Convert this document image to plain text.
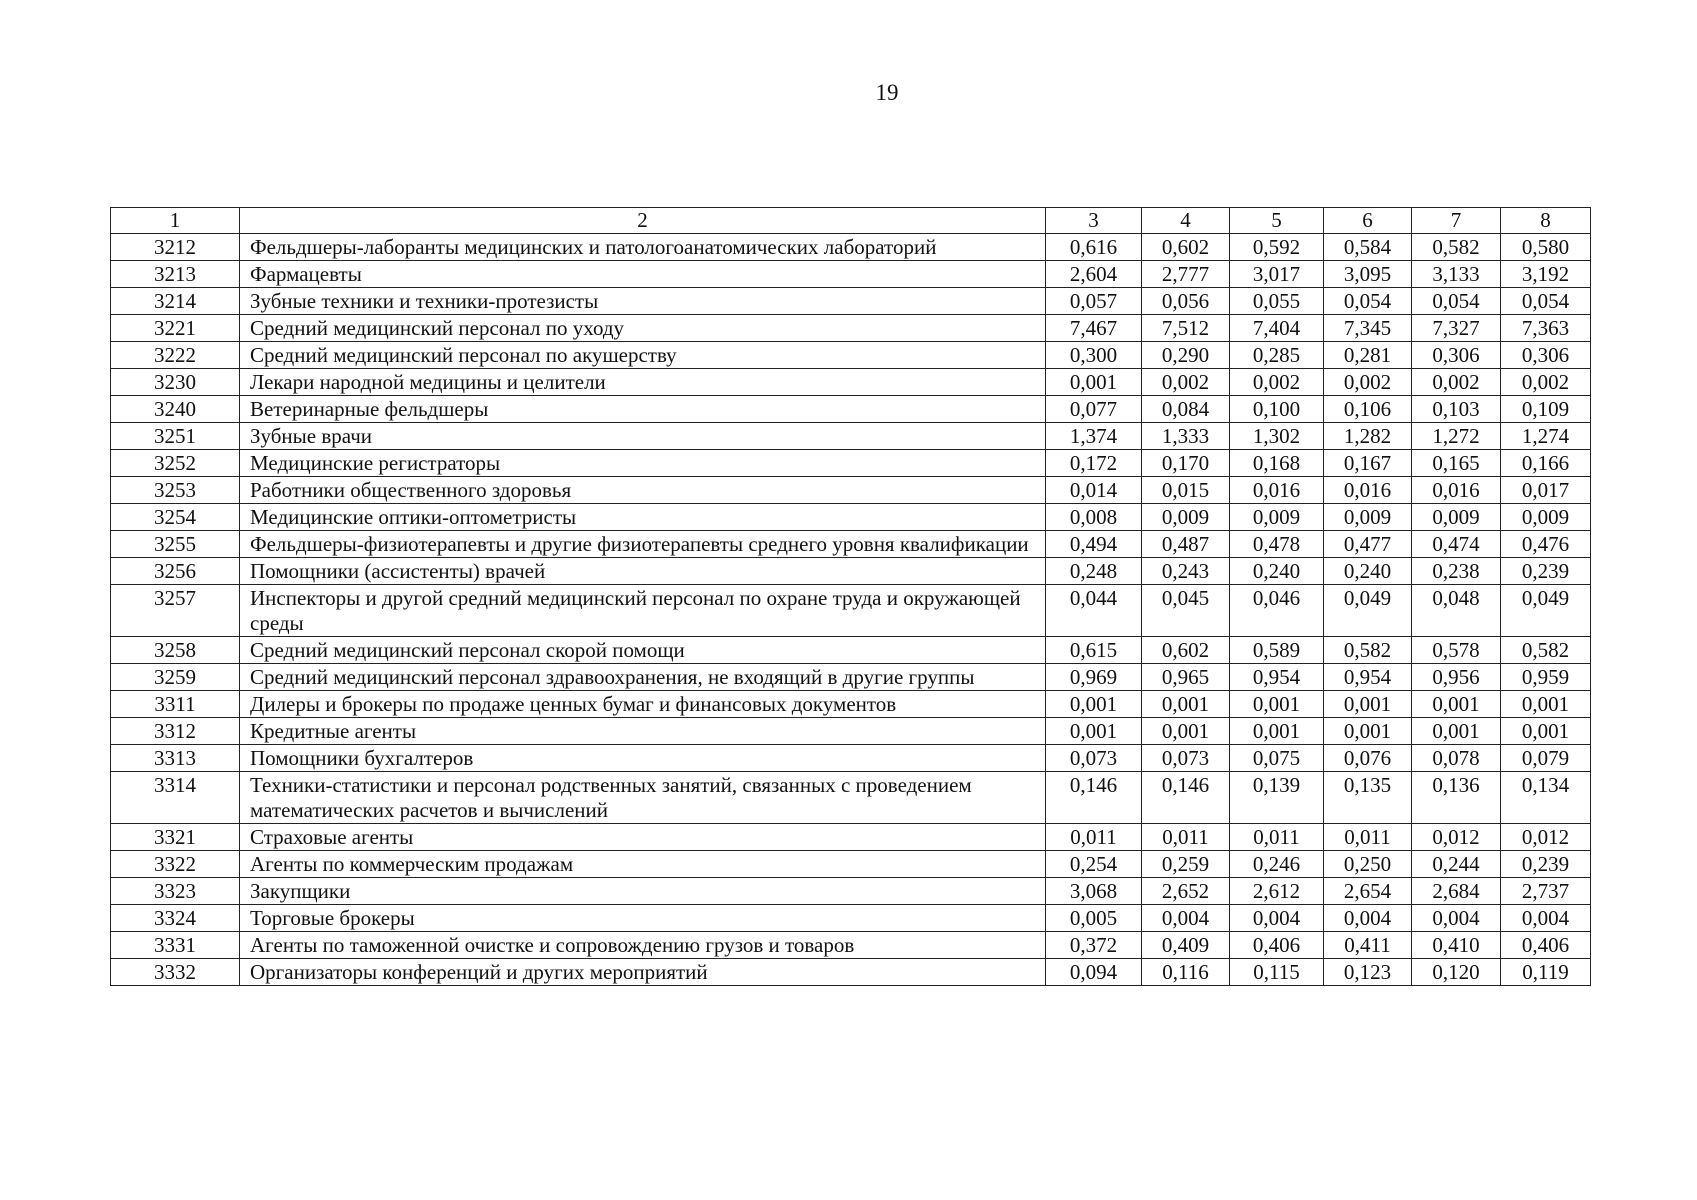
19
1	2	3	4	5	6	7	8
3212	Фельдшеры-лаборанты медицинских и патологоанатомических лабораторий	0,616	0,602	0,592	0,584	0,582	0,580
3213	Фармацевты	2,604	2,777	3,017	3,095	3,133	3,192
3214	Зубные техники и техники-протезисты	0,057	0,056	0,055	0,054	0,054	0,054
3221	Средний медицинский персонал по уходу	7,467	7,512	7,404	7,345	7,327	7,363
3222	Средний медицинский персонал по акушерству	0,300	0,290	0,285	0,281	0,306	0,306
3230	Лекари народной медицины и целители	0,001	0,002	0,002	0,002	0,002	0,002
3240	Ветеринарные фельдшеры	0,077	0,084	0,100	0,106	0,103	0,109
3251	Зубные врачи	1,374	1,333	1,302	1,282	1,272	1,274
3252	Медицинские регистраторы	0,172	0,170	0,168	0,167	0,165	0,166
3253	Работники общественного здоровья	0,014	0,015	0,016	0,016	0,016	0,017
3254	Медицинские оптики-оптометристы	0,008	0,009	0,009	0,009	0,009	0,009
3255	Фельдшеры-физиотерапевты и другие физиотерапевты среднего уровня квалификации	0,494	0,487	0,478	0,477	0,474	0,476
3256	Помощники (ассистенты) врачей	0,248	0,243	0,240	0,240	0,238	0,239
3257	Инспекторы и другой средний медицинский персонал по охране труда и окружающей среды	0,044	0,045	0,046	0,049	0,048	0,049
3258	Средний медицинский персонал скорой помощи	0,615	0,602	0,589	0,582	0,578	0,582
3259	Средний медицинский персонал здравоохранения, не входящий в другие группы	0,969	0,965	0,954	0,954	0,956	0,959
3311	Дилеры и брокеры по продаже ценных бумаг и финансовых документов	0,001	0,001	0,001	0,001	0,001	0,001
3312	Кредитные агенты	0,001	0,001	0,001	0,001	0,001	0,001
3313	Помощники бухгалтеров	0,073	0,073	0,075	0,076	0,078	0,079
3314	Техники-статистики и персонал родственных занятий, связанных с проведением математических расчетов и вычислений	0,146	0,146	0,139	0,135	0,136	0,134
3321	Страховые агенты	0,011	0,011	0,011	0,011	0,012	0,012
3322	Агенты по коммерческим продажам	0,254	0,259	0,246	0,250	0,244	0,239
3323	Закупщики	3,068	2,652	2,612	2,654	2,684	2,737
3324	Торговые брокеры	0,005	0,004	0,004	0,004	0,004	0,004
3331	Агенты по таможенной очистке и сопровождению грузов и товаров	0,372	0,409	0,406	0,411	0,410	0,406
3332	Организаторы конференций и других мероприятий	0,094	0,116	0,115	0,123	0,120	0,119
